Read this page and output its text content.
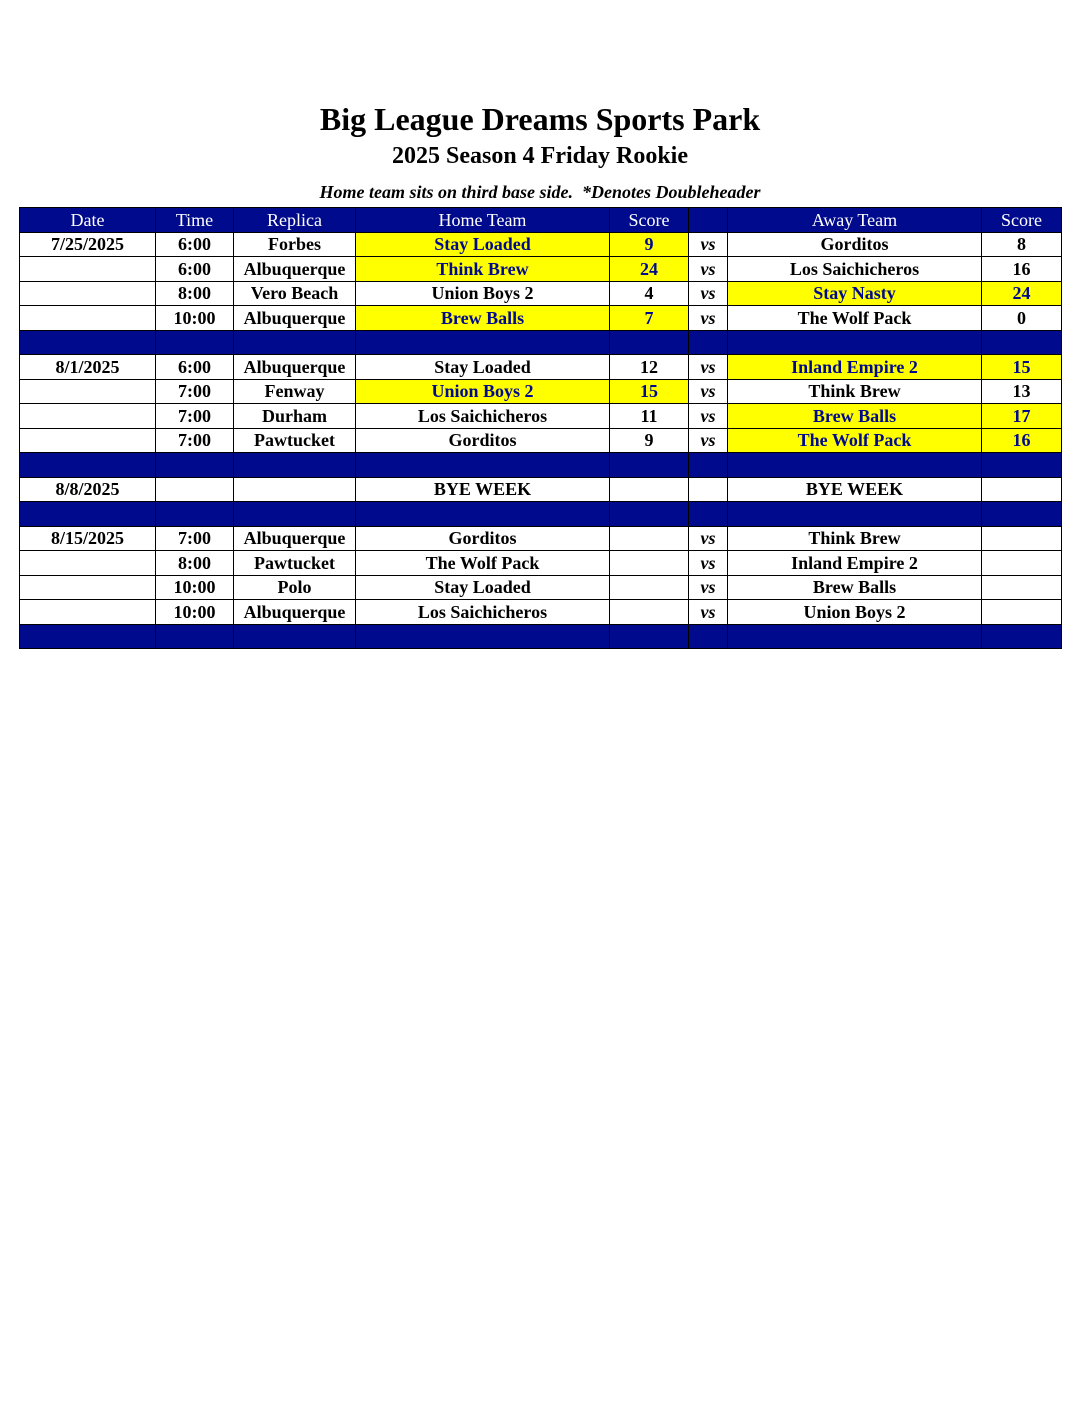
Big League Dreams Sports Park
2025 Season 4 Friday Rookie
Home team sits on third base side.  *Denotes Doubleheader
Date	Time	Replica	Home Team	Score		Away Team	Score
7/25/2025	6:00	Forbes	Stay Loaded	9	vs	Gorditos	8
	6:00	Albuquerque	Think Brew	24	vs	Los Saichicheros	16
	8:00	Vero Beach	Union Boys 2	4	vs	Stay Nasty	24
	10:00	Albuquerque	Brew Balls	7	vs	The Wolf Pack	0

8/1/2025	6:00	Albuquerque	Stay Loaded	12	vs	Inland Empire 2	15
	7:00	Fenway	Union Boys 2	15	vs	Think Brew	13
	7:00	Durham	Los Saichicheros	11	vs	Brew Balls	17
	7:00	Pawtucket	Gorditos	9	vs	The Wolf Pack	16

8/8/2025			BYE WEEK			BYE WEEK	

8/15/2025	7:00	Albuquerque	Gorditos		vs	Think Brew	
	8:00	Pawtucket	The Wolf Pack		vs	Inland Empire 2	
	10:00	Polo	Stay Loaded		vs	Brew Balls	
	10:00	Albuquerque	Los Saichicheros		vs	Union Boys 2	
